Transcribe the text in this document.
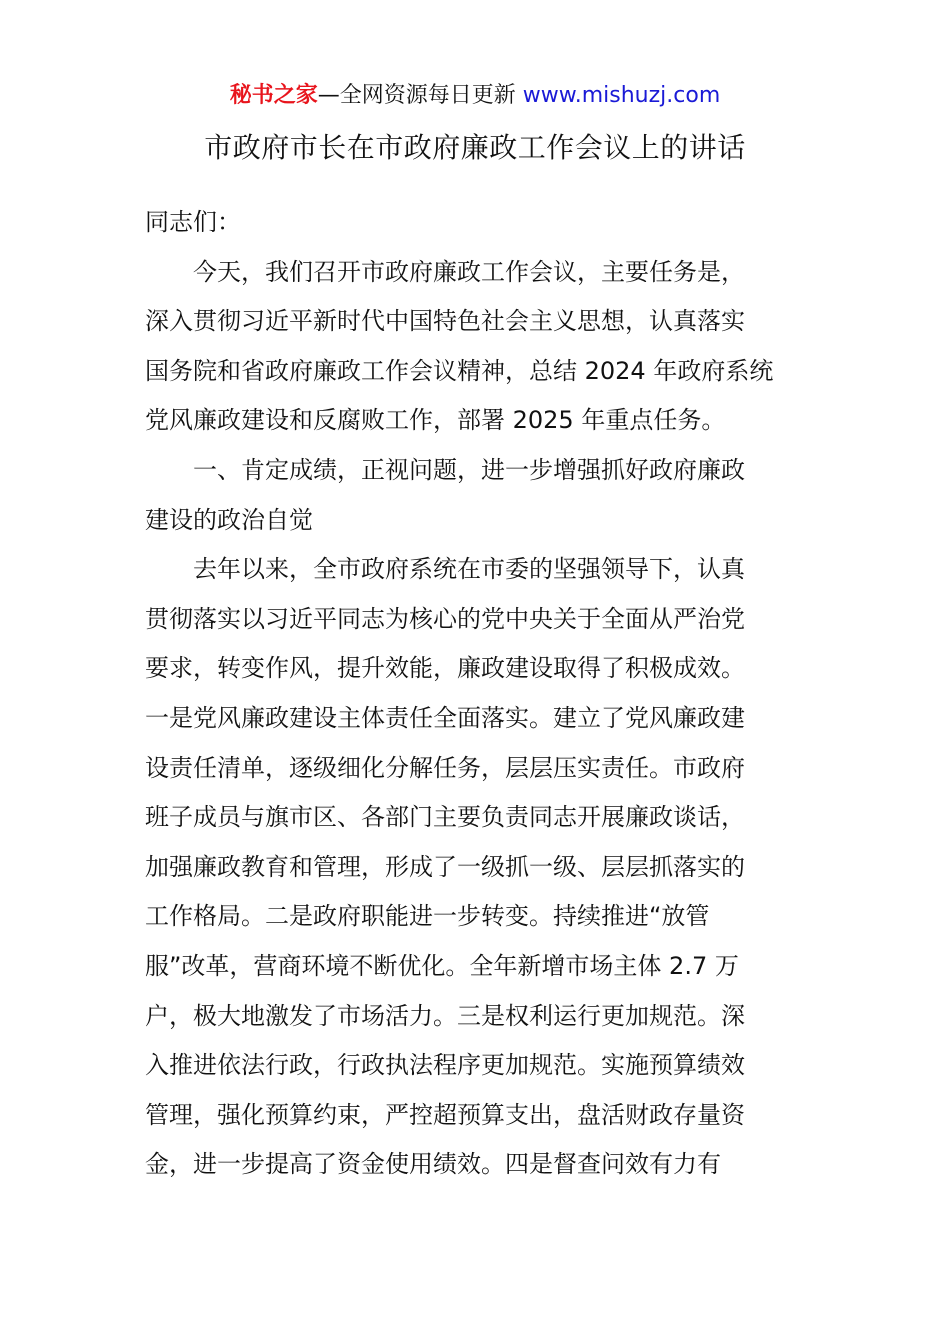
秘书之家—全网资源每日更新 www.mishuzj.com
市政府市长在市政府廉政工作会议上的讲话
同志们：
今天，我们召开市政府廉政工作会议，主要任务是，
深入贯彻习近平新时代中国特色社会主义思想，认真落实
国务院和省政府廉政工作会议精神，总结 2024 年政府系统
党风廉政建设和反腐败工作，部署 2025 年重点任务。
一、肯定成绩，正视问题，进一步增强抓好政府廉政
建设的政治自觉
去年以来，全市政府系统在市委的坚强领导下，认真
贯彻落实以习近平同志为核心的党中央关于全面从严治党
要求，转变作风，提升效能，廉政建设取得了积极成效。
一是党风廉政建设主体责任全面落实。建立了党风廉政建
设责任清单，逐级细化分解任务，层层压实责任。市政府
班子成员与旗市区、各部门主要负责同志开展廉政谈话，
加强廉政教育和管理，形成了一级抓一级、层层抓落实的
工作格局。二是政府职能进一步转变。持续推进“放管
服”改革，营商环境不断优化。全年新增市场主体 2.7 万
户，极大地激发了市场活力。三是权利运行更加规范。深
入推进依法行政，行政执法程序更加规范。实施预算绩效
管理，强化预算约束，严控超预算支出，盘活财政存量资
金，进一步提高了资金使用绩效。四是督查问效有力有
